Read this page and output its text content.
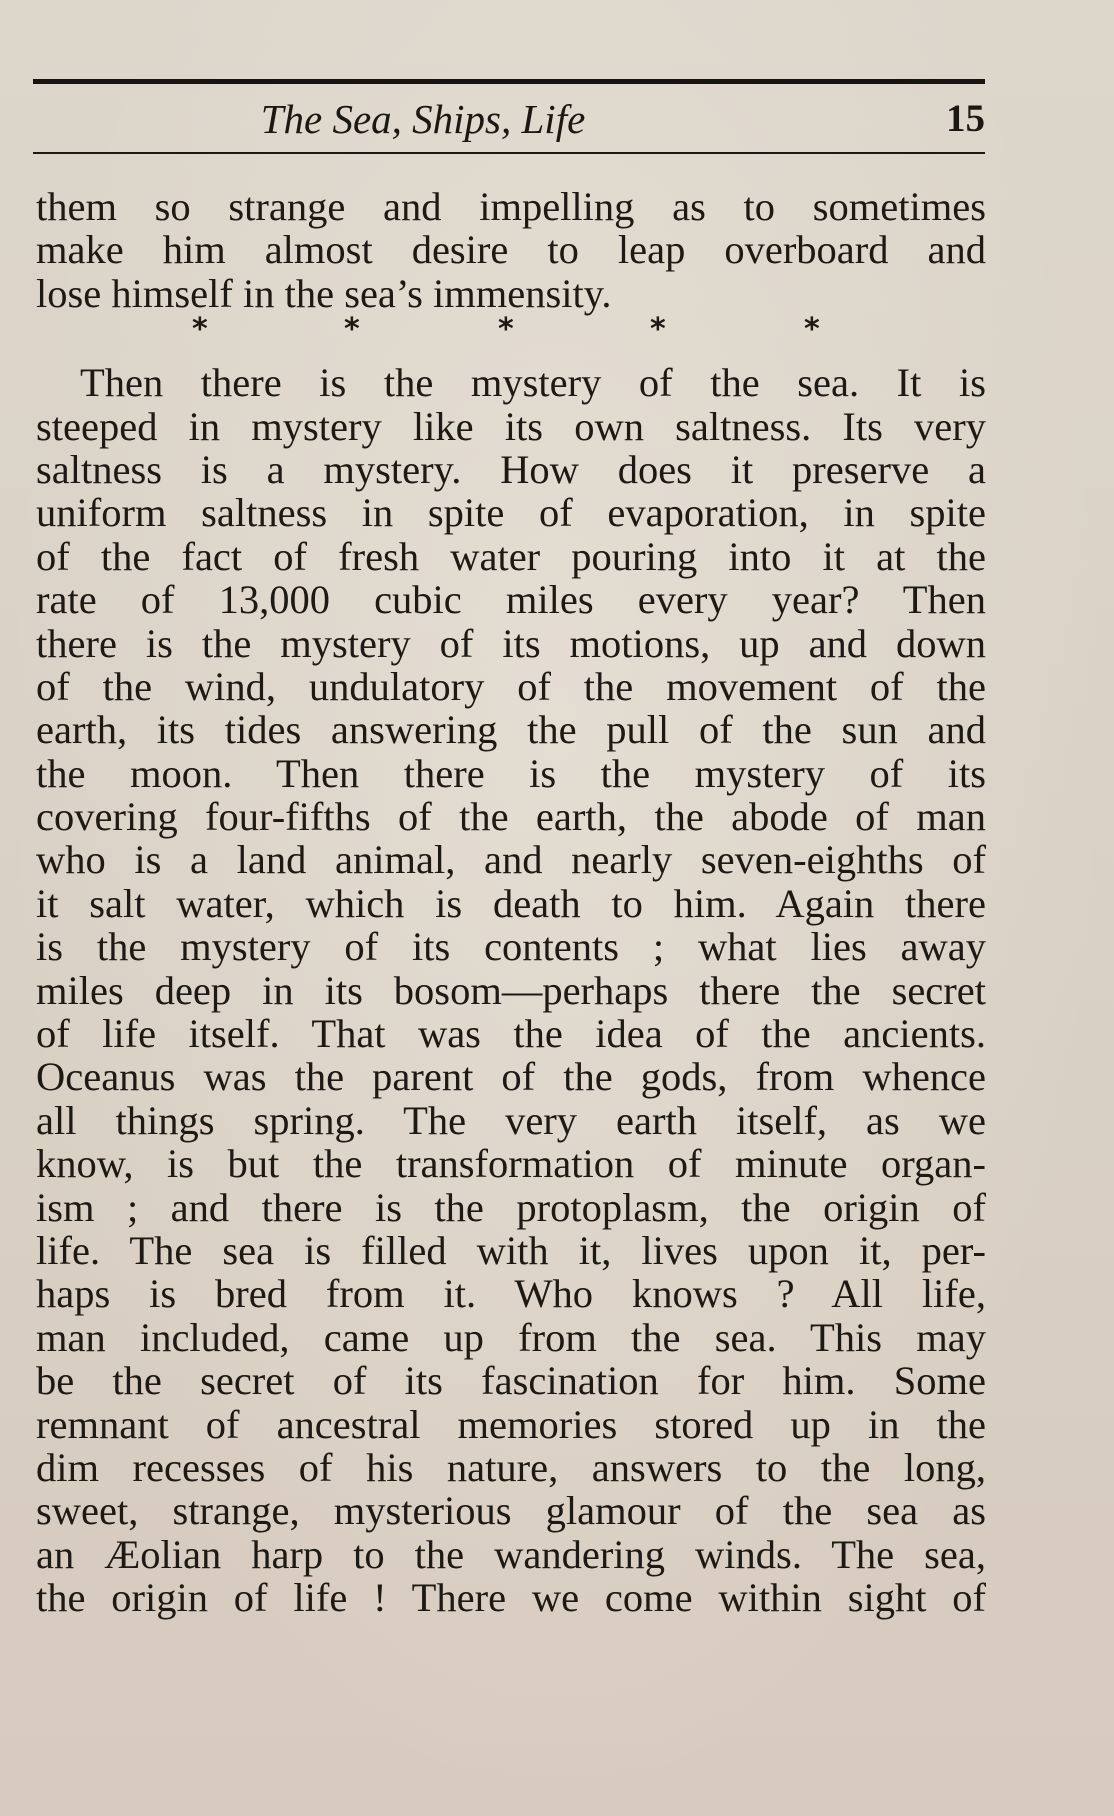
The Sea, Ships, Life	15
them so strange and impelling as to sometimes
make him almost desire to leap overboard and
lose himself in the sea’s immensity.
*	*	*	*	*
Then there is the mystery of the sea. It is
steeped in mystery like its own saltness. Its very
saltness is a mystery. How does it preserve a
uniform saltness in spite of evaporation, in spite
of the fact of fresh water pouring into it at the
rate of 13,000 cubic miles every year? Then
there is the mystery of its motions, up and down
of the wind, undulatory of the movement of the
earth, its tides answering the pull of the sun and
the moon. Then there is the mystery of its
covering four-fifths of the earth, the abode of man
who is a land animal, and nearly seven-eighths of
it salt water, which is death to him. Again there
is the mystery of its contents ; what lies away
miles deep in its bosom—perhaps there the secret
of life itself. That was the idea of the ancients.
Oceanus was the parent of the gods, from whence
all things spring. The very earth itself, as we
know, is but the transformation of minute organ-
ism ; and there is the protoplasm, the origin of
life. The sea is filled with it, lives upon it, per-
haps is bred from it. Who knows ? All life,
man included, came up from the sea. This may
be the secret of its fascination for him. Some
remnant of ancestral memories stored up in the
dim recesses of his nature, answers to the long,
sweet, strange, mysterious glamour of the sea as
an Æolian harp to the wandering winds. The sea,
the origin of life ! There we come within sight of
